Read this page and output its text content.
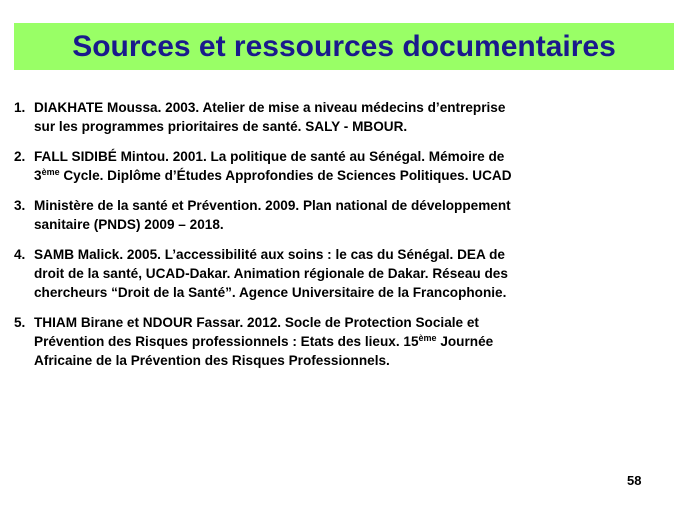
Sources et ressources documentaires
1. DIAKHATE Moussa. 2003. Atelier de mise a niveau médecins d’entreprise
sur les programmes prioritaires de santé. SALY - MBOUR.
2. FALL SIDIBÉ Mintou. 2001. La politique de santé au Sénégal. Mémoire de
3ème Cycle. Diplôme d’Études Approfondies de Sciences Politiques. UCAD
3. Ministère de la santé et Prévention. 2009. Plan national de développement
sanitaire (PNDS) 2009 – 2018.
4. SAMB Malick. 2005. L’accessibilité aux soins : le cas du Sénégal. DEA de
droit de la santé, UCAD-Dakar. Animation régionale de Dakar. Réseau des
chercheurs “Droit de la Santé”. Agence Universitaire de la Francophonie.
5. THIAM Birane et NDOUR Fassar. 2012. Socle de Protection Sociale et
Prévention des Risques professionnels : Etats des lieux. 15ème Journée
Africaine de la Prévention des Risques Professionnels.
58
